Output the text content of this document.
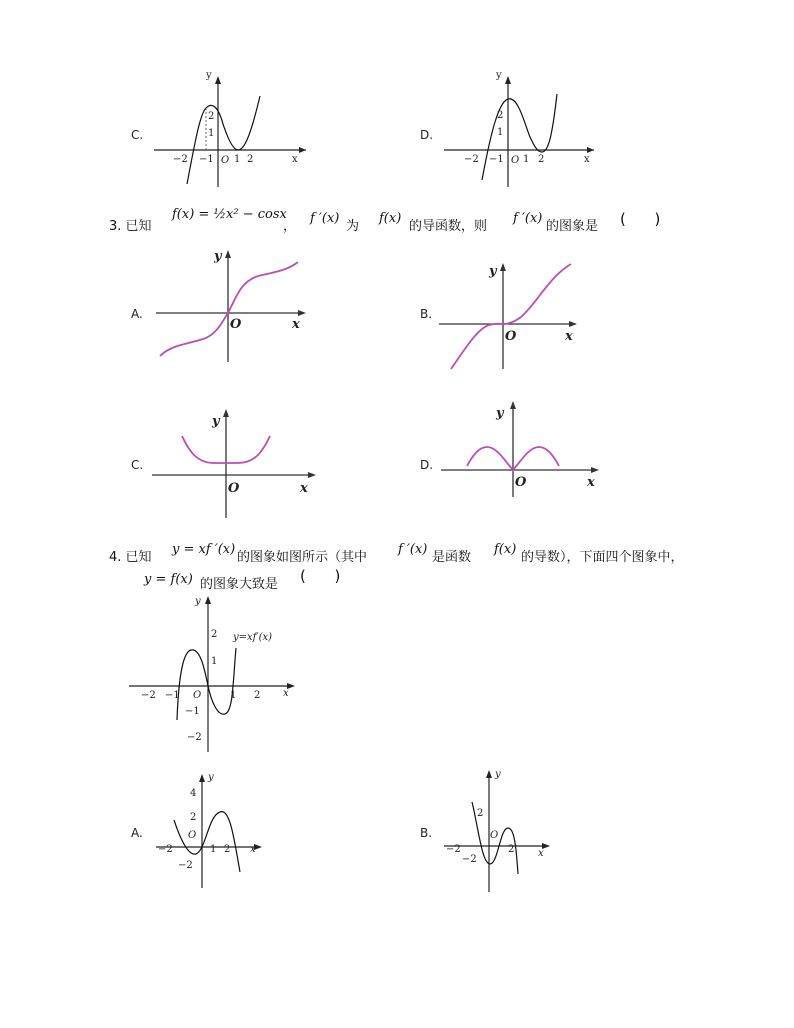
C.
y
x
−2 −1 O 1 2
2
1	D.
y
x
−2 −1 O 1 2
2
1
3. 已知
f(x) = ½x² − cosx
，
f ′(x)
为
f(x)
的导函数，则
f ′(x)
的图象是 (      )
A.
y
x
O
B.
y
x
O
C.
y
x
O
D.
y
x
O
4. 已知
y = xf ′(x)
的图象如图所示（其中
f ′(x)
是函数
f(x)
的导数），下面四个图象中，
y = f(x) 的图象大致是 (      )
y
x
−2 −1 O	1 2
2
1
−1
−2
y=xf′(x)
A.
y
x
4
2
−2
−2
O
1 2
B.
y
x
2
−2
−2
O
2
